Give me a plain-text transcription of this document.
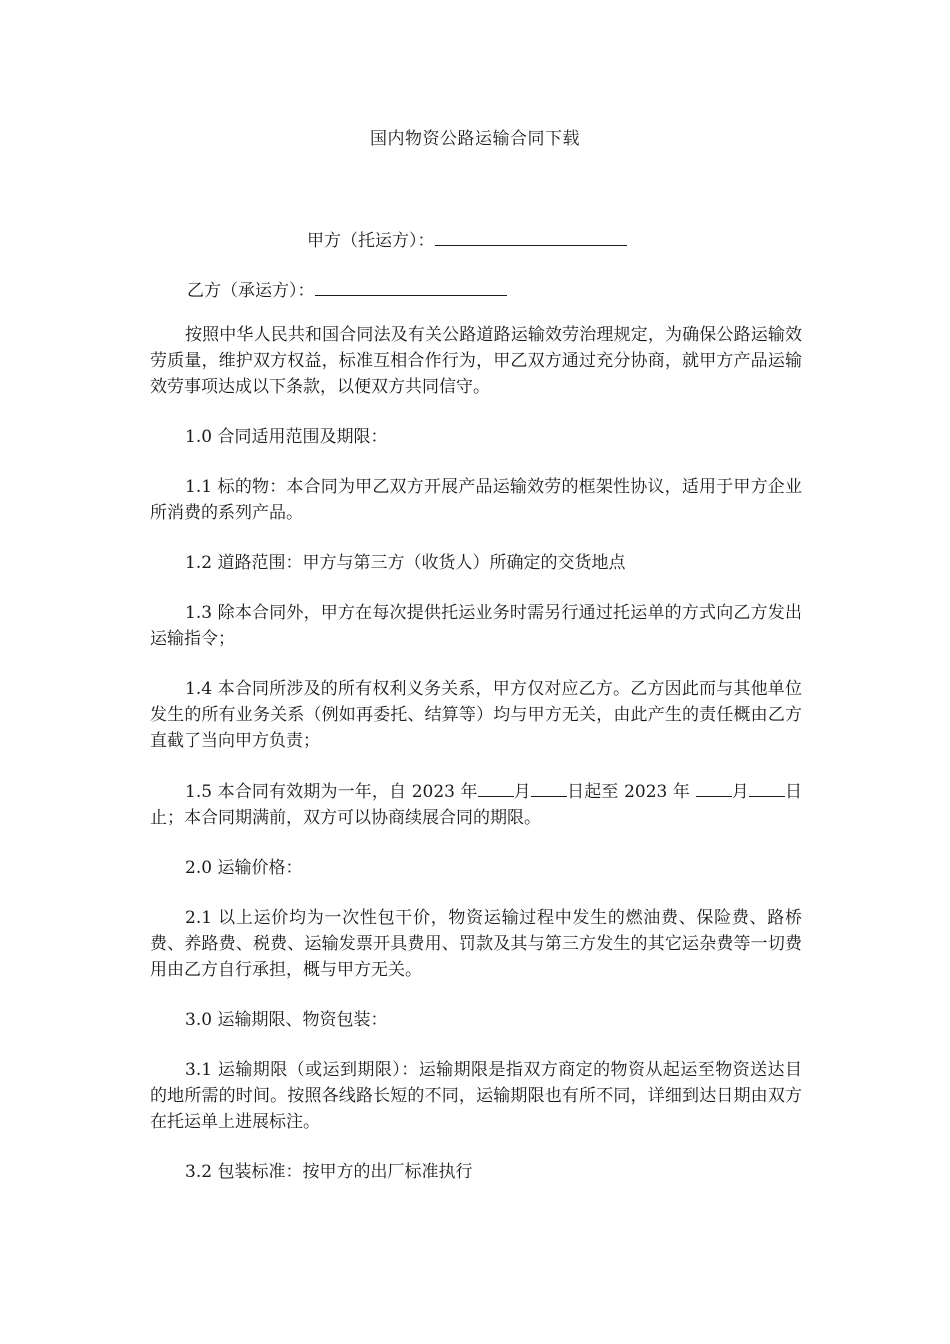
国内物资公路运输合同下载
甲方（托运方）：
乙方（承运方）：

按照中华人民共和国合同法及有关公路道路运输效劳治理规定，为确保公路运输效劳质量，维护双方权益，标准互相合作行为，甲乙双方通过充分协商，就甲方产品运输效劳事项达成以下条款，以便双方共同信守。

1.0 合同适用范围及期限：

1.1 标的物：本合同为甲乙双方开展产品运输效劳的框架性协议，适用于甲方企业所消费的系列产品。

1.2 道路范围：甲方与第三方（收货人）所确定的交货地点

1.3 除本合同外，甲方在每次提供托运业务时需另行通过托运单的方式向乙方发出运输指令；

1.4 本合同所涉及的所有权利义务关系，甲方仅对应乙方。乙方因此而与其他单位发生的所有业务关系（例如再委托、结算等）均与甲方无关，由此产生的责任概由乙方直截了当向甲方负责；

1.5 本合同有效期为一年，自 2023 年 月 日起至 2023 年 月 日止；本合同期满前，双方可以协商续展合同的期限。

2.0 运输价格：

2.1 以上运价均为一次性包干价，物资运输过程中发生的燃油费、保险费、路桥费、养路费、税费、运输发票开具费用、罚款及其与第三方发生的其它运杂费等一切费用由乙方自行承担，概与甲方无关。

3.0 运输期限、物资包装：

3.1 运输期限（或运到期限）：运输期限是指双方商定的物资从起运至物资送达目的地所需的时间。按照各线路长短的不同，运输期限也有所不同，详细到达日期由双方在托运单上进展标注。

3.2 包装标准：按甲方的出厂标准执行
